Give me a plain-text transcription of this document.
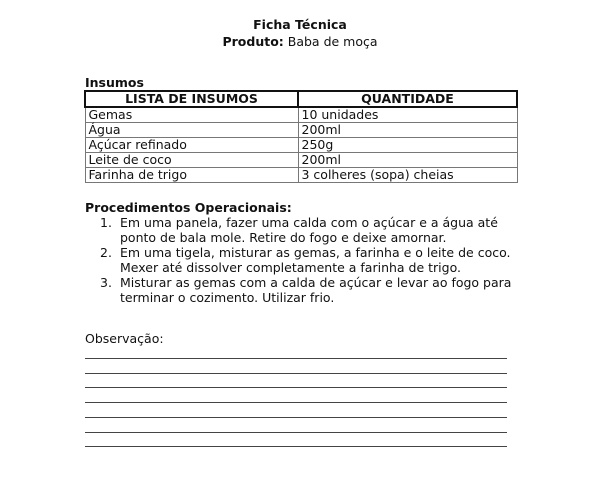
Ficha Técnica
Produto: Baba de moça
Insumos
LISTA DE INSUMOS	QUANTIDADE
Gemas	10 unidades
Água	200ml
Açúcar refinado	250g
Leite de coco	200ml
Farinha de trigo	3 colheres (sopa) cheias
Procedimentos Operacionais:
1. Em uma panela, fazer uma calda com o açúcar e a água até
ponto de bala mole. Retire do fogo e deixe amornar.
2. Em uma tigela, misturar as gemas, a farinha e o leite de coco.
Mexer até dissolver completamente a farinha de trigo.
3. Misturar as gemas com a calda de açúcar e levar ao fogo para
terminar o cozimento. Utilizar frio.
Observação:
